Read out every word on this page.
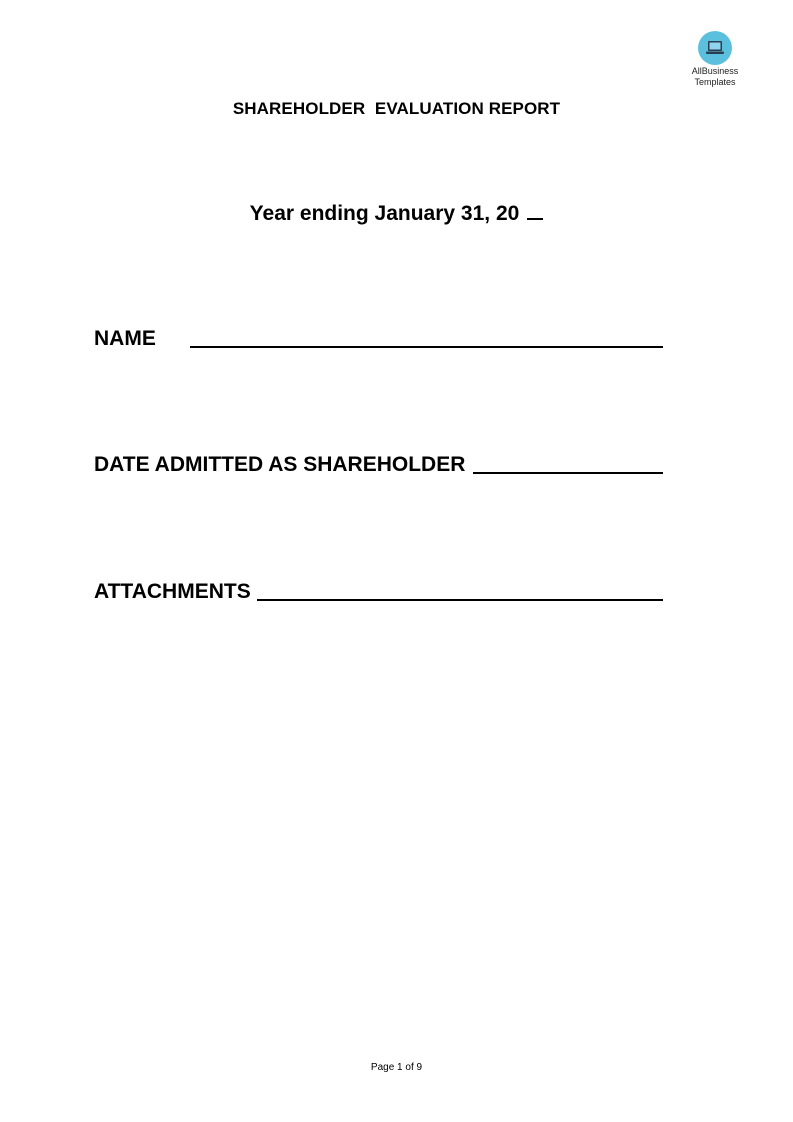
AllBusiness
Templates
SHAREHOLDER  EVALUATION REPORT
Year ending January 31, 20
NAME
DATE ADMITTED AS SHAREHOLDER
ATTACHMENTS
Page 1 of 9
